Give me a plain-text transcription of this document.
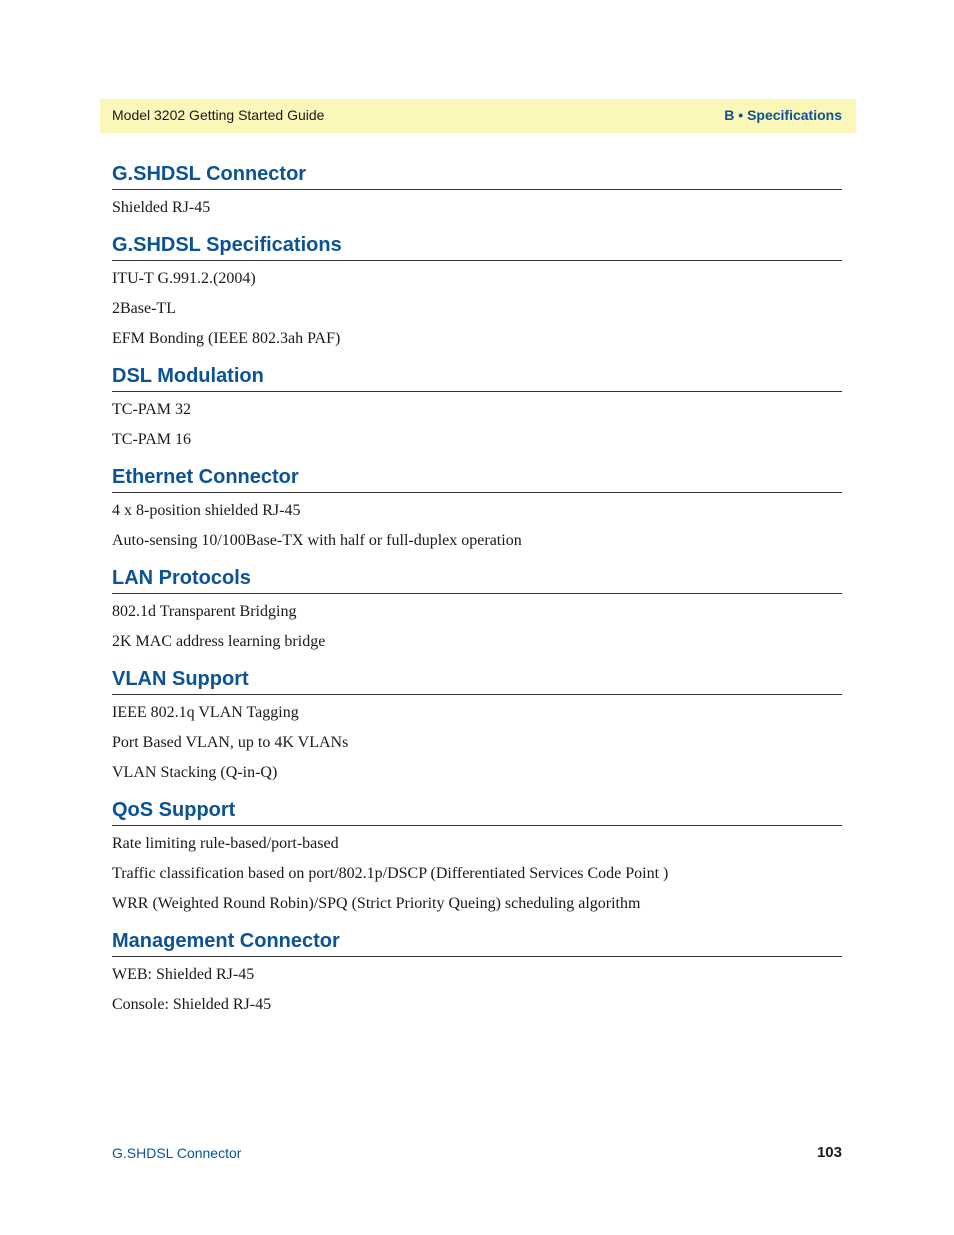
Model 3202 Getting Started Guide	B • Specifications
G.SHDSL Connector

Shielded RJ-45

G.SHDSL Specifications

ITU-T G.991.2.(2004)

2Base-TL

EFM Bonding (IEEE 802.3ah PAF)

DSL Modulation

TC-PAM 32

TC-PAM 16

Ethernet Connector

4 x 8-position shielded RJ-45

Auto-sensing 10/100Base-TX with half or full-duplex operation

LAN Protocols

802.1d Transparent Bridging

2K MAC address learning bridge

VLAN Support

IEEE 802.1q VLAN Tagging

Port Based VLAN, up to 4K VLANs

VLAN Stacking (Q-in-Q)

QoS Support

Rate limiting rule-based/port-based

Traffic classification based on port/802.1p/DSCP (Differentiated Services Code Point )

WRR (Weighted Round Robin)/SPQ (Strict Priority Queing) scheduling algorithm

Management Connector

WEB: Shielded RJ-45

Console: Shielded RJ-45

G.SHDSL Connector	103
